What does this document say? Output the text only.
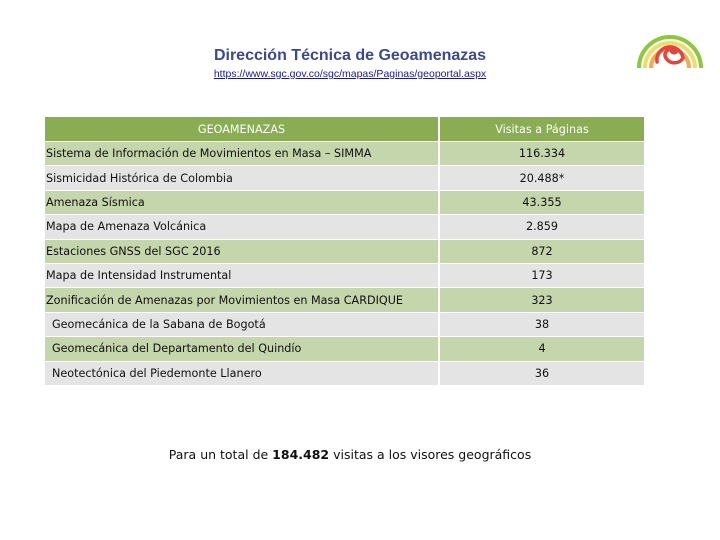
Dirección Técnica de Geoamenazas
https://www.sgc.gov.co/sgc/mapas/Paginas/geoportal.aspx
GEOAMENAZAS	Visitas a Páginas
Sistema de Información de Movimientos en Masa – SIMMA	116.334
Sismicidad Histórica de Colombia	20.488*
Amenaza Sísmica	43.355
Mapa de Amenaza Volcánica	2.859
Estaciones GNSS del SGC 2016	872
Mapa de Intensidad Instrumental	173
Zonificación de Amenazas por Movimientos en Masa CARDIQUE	323
Geomecánica de la Sabana de Bogotá	38
Geomecánica del Departamento del Quindío	4
Neotectónica del Piedemonte Llanero	36
Para un total de 184.482 visitas a los visores geográficos
